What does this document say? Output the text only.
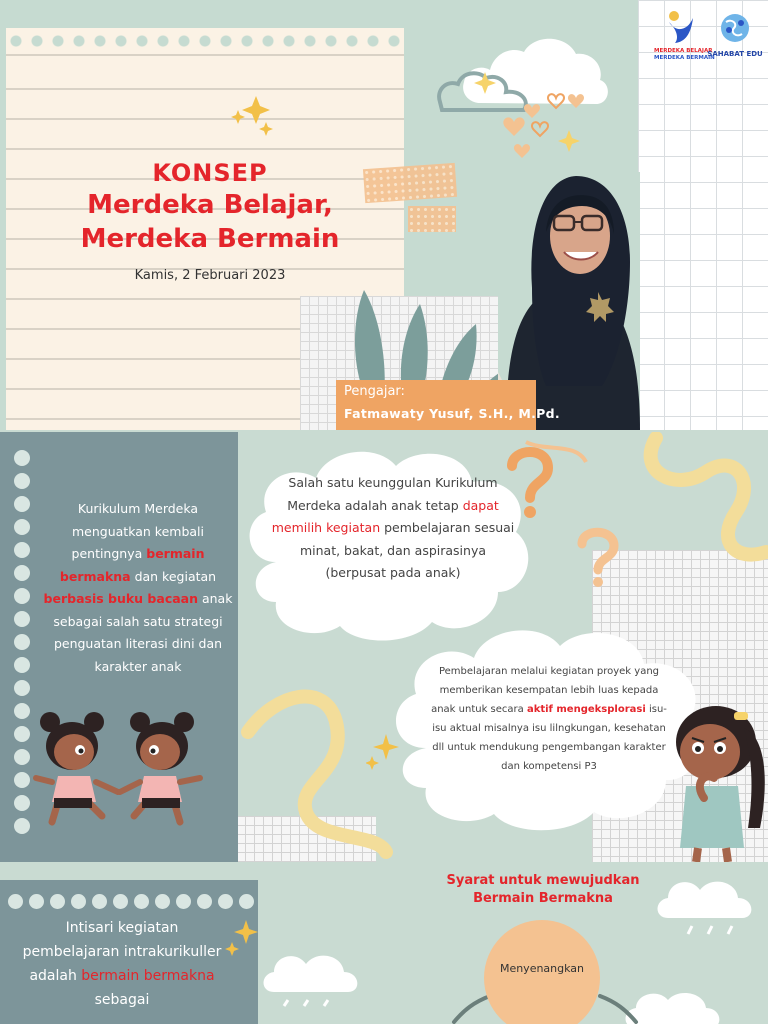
KONSEP
Merdeka Belajar,
Merdeka Bermain
Kamis, 2 Februari 2023
Pengajar:
Fatmawaty Yusuf, S.H., M.Pd.
MERDEKA BELAJAR
MERDEKA BERMAIN
SAHABAT EDU
Kurikulum Merdeka menguatkan kembali pentingnya bermain bermakna dan kegiatan berbasis buku bacaan anak sebagai salah satu strategi penguatan literasi dini dan karakter anak
Salah satu keunggulan Kurikulum Merdeka adalah anak tetap dapat memilih kegiatan pembelajaran sesuai minat, bakat, dan aspirasinya (berpusat pada anak)
Pembelajaran melalui kegiatan proyek yang memberikan kesempatan lebih luas kepada anak untuk secara aktif mengeksplorasi isu-isu aktual misalnya isu lilngkungan, kesehatan dll untuk mendukung pengembangan karakter dan kompetensi P3
Intisari kegiatan pembelajaran intrakurikuller adalah bermain bermakna sebagai
Syarat untuk mewujudkan
Bermain Bermakna
Menyenangkan
